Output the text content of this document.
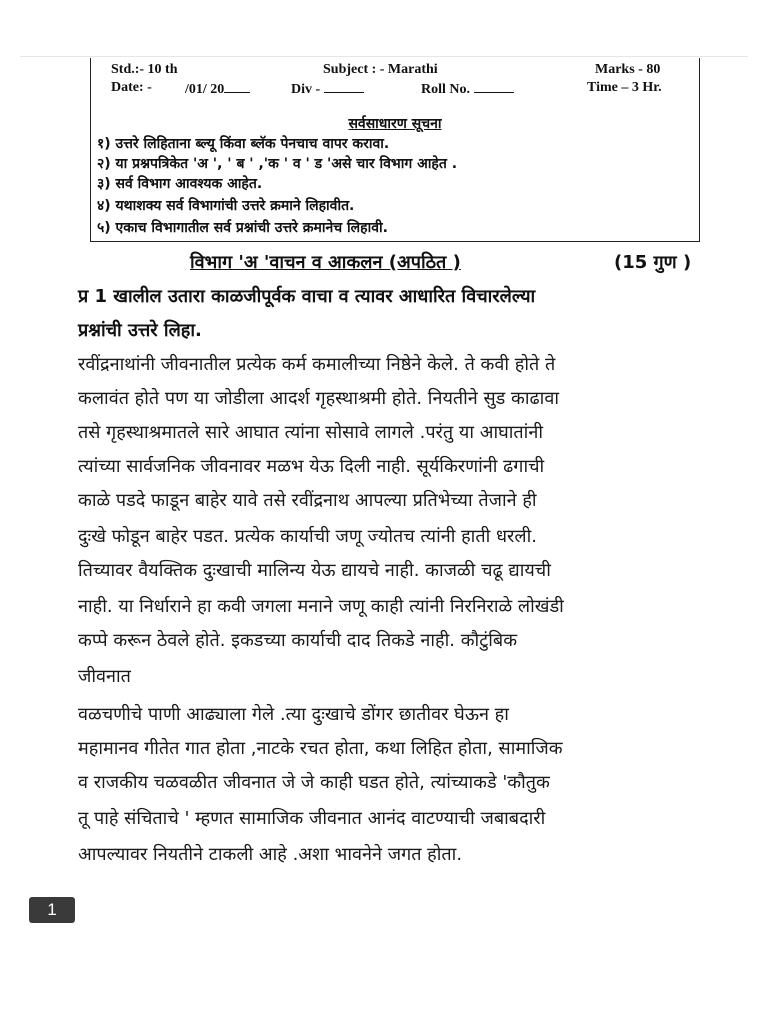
Std.:- 10 th	Subject : - Marathi	Marks - 80
Date: - /01/ 20	Div -	Roll No.	Time – 3 Hr.
सर्वसाधारण सूचना
१) उत्तरे लिहिताना ब्ल्यू किंवा ब्लॅक पेनचाच वापर करावा.
२) या प्रश्नपत्रिकेत 'अ ', ' ब ' ,'क ' व ' ड 'असे चार विभाग आहेत .
३) सर्व विभाग आवश्यक आहेत.
४) यथाशक्य सर्व विभागांची उत्तरे क्रमाने लिहावीत.
५) एकाच विभागातील सर्व प्रश्नांची उत्तरे क्रमानेच लिहावी.
विभाग 'अ 'वाचन व आकलन (अपठित )	(15 गुण )
प्र 1 खालील उतारा काळजीपूर्वक वाचा व त्यावर आधारित विचारलेल्या
प्रश्नांची उत्तरे लिहा.
रवींद्रनाथांनी जीवनातील प्रत्येक कर्म कमालीच्या निष्ठेने केले. ते कवी होते ते
कलावंत होते पण या जोडीला आदर्श गृहस्थाश्रमी होते. नियतीने सुड काढावा
तसे गृहस्थाश्रमातले सारे आघात त्यांना सोसावे लागले .परंतु या आघातांनी
त्यांच्या सार्वजनिक जीवनावर मळभ येऊ दिली नाही. सूर्यकिरणांनी ढगाची
काळे पडदे फाडून बाहेर यावे तसे रवींद्रनाथ आपल्या प्रतिभेच्या तेजाने ही
दुःखे फोडून बाहेर पडत. प्रत्येक कार्याची जणू ज्योतच त्यांनी हाती धरली.
तिच्यावर वैयक्तिक दुःखाची मालिन्य येऊ द्यायचे नाही. काजळी चढू द्यायची
नाही. या निर्धाराने हा कवी जगला मनाने जणू काही त्यांनी निरनिराळे लोखंडी
कप्पे करून ठेवले होते. इकडच्या कार्याची दाद तिकडे नाही. कौटुंबिक
जीवनात
वळचणीचे पाणी आढ्याला गेले .त्या दुःखाचे डोंगर छातीवर घेऊन हा
महामानव गीतेत गात होता ,नाटके रचत होता, कथा लिहित होता, सामाजिक
व राजकीय चळवळीत जीवनात जे जे काही घडत होते, त्यांच्याकडे 'कौतुक
तू पाहे संचिताचे ' म्हणत सामाजिक जीवनात आनंद वाटण्याची जबाबदारी
आपल्यावर नियतीने टाकली आहे .अशा भावनेने जगत होता.
1
